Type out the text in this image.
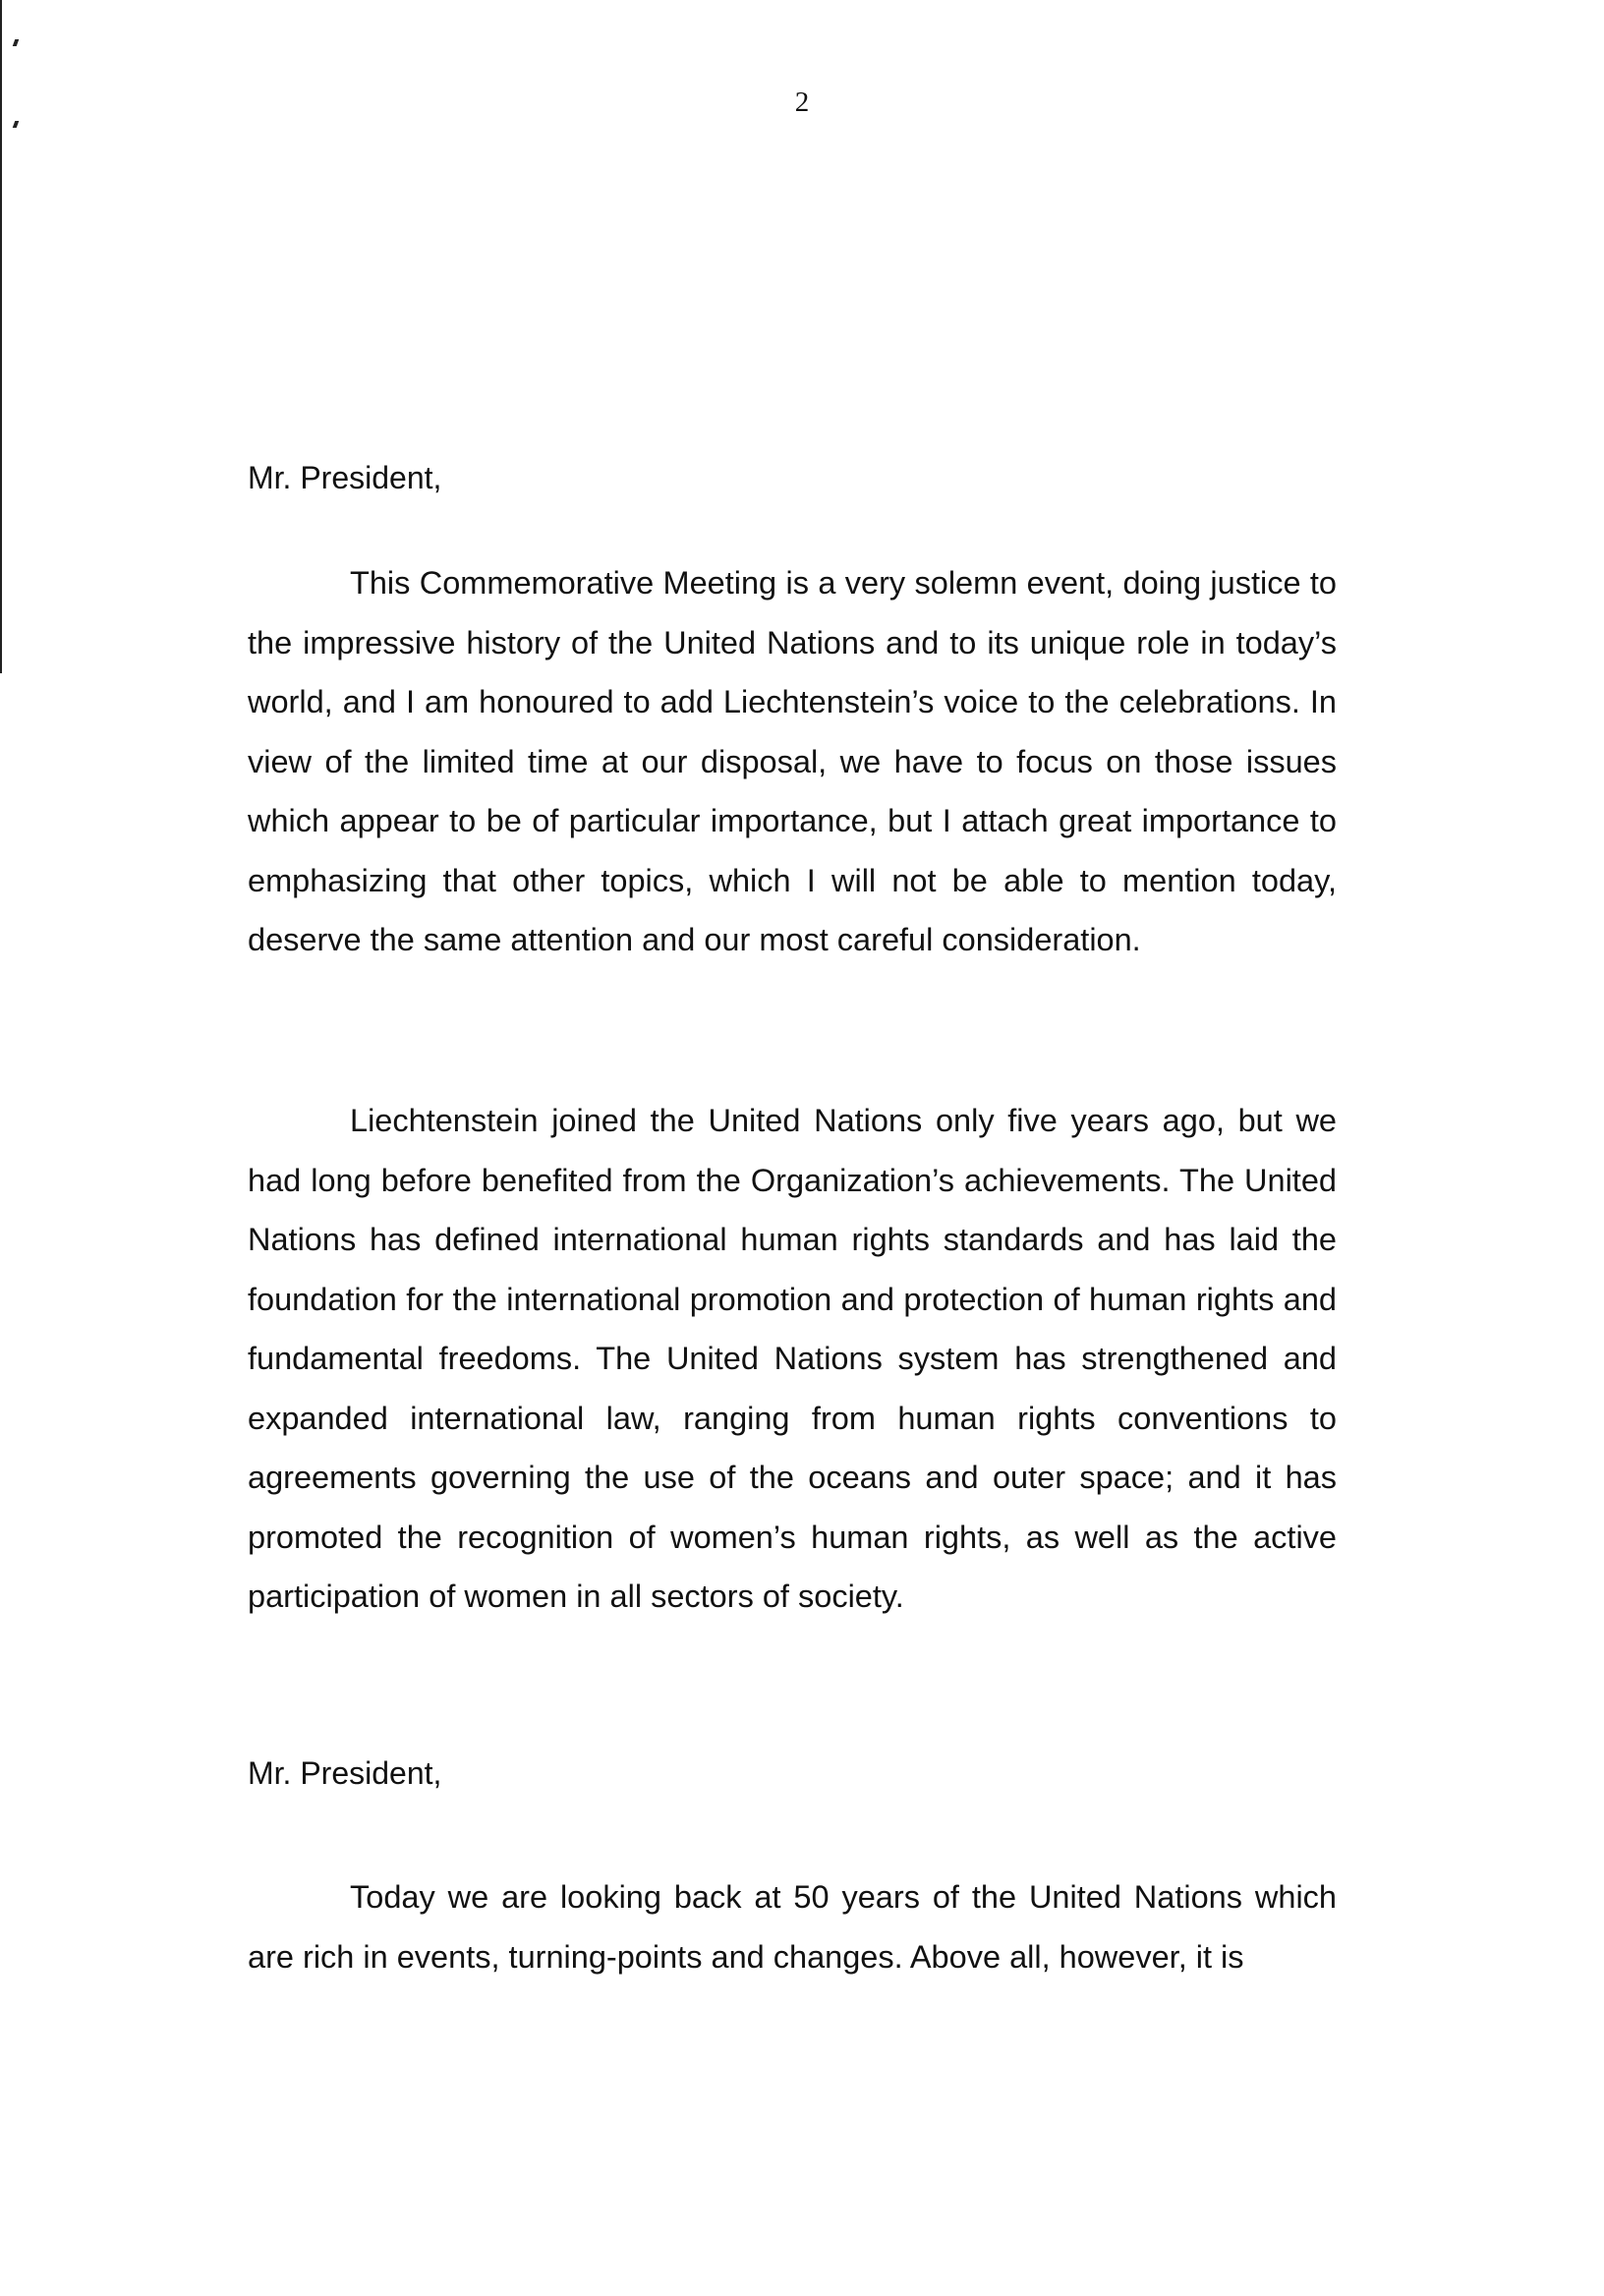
2

Mr. President,

This Commemorative Meeting is a very solemn event, doing justice to the impressive history of the United Nations and to its unique role in today’s world, and I am honoured to add Liechtenstein’s voice to the celebrations. In view of the limited time at our disposal, we have to focus on those issues which appear to be of particular importance, but I attach great importance to emphasizing that other topics, which I will not be able to mention today, deserve the same attention and our most careful consideration.

Liechtenstein joined the United Nations only five years ago, but we had long before benefited from the Organization’s achievements. The United Nations has defined international human rights standards and has laid the foundation for the international promotion and protection of human rights and fundamental freedoms. The United Nations system has strengthened and expanded international law, ranging from human rights conventions to agreements governing the use of the oceans and outer space; and it has promoted the recognition of women’s human rights, as well as the active participation of women in all sectors of society.

Mr. President,

Today we are looking back at 50 years of the United Nations which are rich in events, turning-points and changes. Above all, however, it is
